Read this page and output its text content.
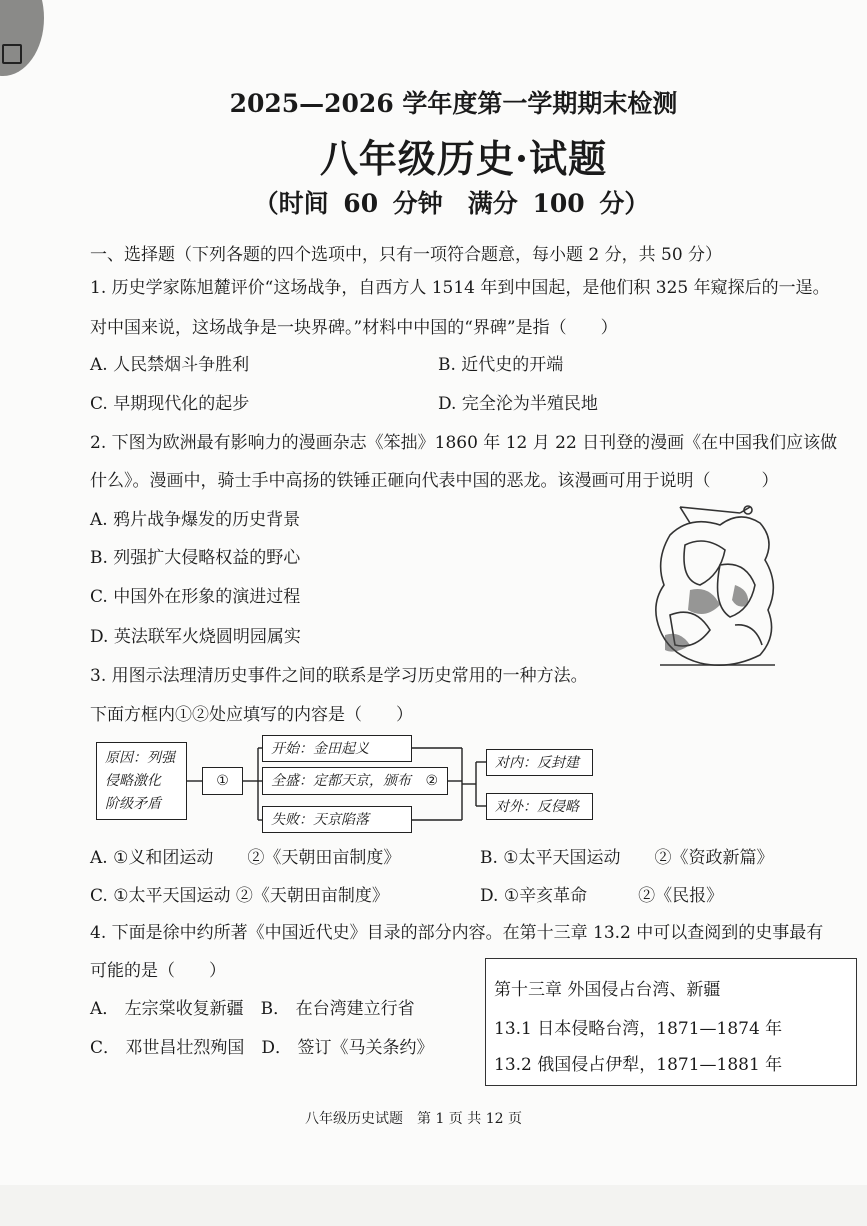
2025—2026 学年度第一学期期末检测
八年级历史·试题
（时间 60 分钟　满分 100 分）
一、选择题（下列各题的四个选项中，只有一项符合题意，每小题 2 分，共 50 分）
1. 历史学家陈旭麓评价“这场战争，自西方人 1514 年到中国起，是他们积 325 年窥探后的一逞。
对中国来说，这场战争是一块界碑。”材料中中国的“界碑”是指（　　）
A. 人民禁烟斗争胜利	B. 近代史的开端
C. 早期现代化的起步	D. 完全沦为半殖民地
2. 下图为欧洲最有影响力的漫画杂志《笨拙》1860 年 12 月 22 日刊登的漫画《在中国我们应该做
什么》。漫画中，骑士手中高扬的铁锤正砸向代表中国的恶龙。该漫画可用于说明（　　　）
A. 鸦片战争爆发的历史背景
B. 列强扩大侵略权益的野心
C. 中国外在形象的演进过程
D. 英法联军火烧圆明园属实
3. 用图示法理清历史事件之间的联系是学习历史常用的一种方法。
下面方框内①②处应填写的内容是（　　）
原因：列强
侵略激化
阶级矛盾
①
开始：金田起义
全盛：定都天京，颁布 ②
失败：天京陷落
对内：反封建
对外：反侵略
A. ①义和团运动　　②《天朝田亩制度》	B. ①太平天国运动　　②《资政新篇》
C. ①太平天国运动 ②《天朝田亩制度》	D. ①辛亥革命　　　②《民报》
4. 下面是徐中约所著《中国近代史》目录的部分内容。在第十三章 13.2 中可以查阅到的史事最有
可能的是（　　）
A． 左宗棠收复新疆　B． 在台湾建立行省
C． 邓世昌壮烈殉国　D． 签订《马关条约》
第十三章 外国侵占台湾、新疆
13.1 日本侵略台湾，1871—1874 年
13.2 俄国侵占伊犁，1871—1881 年
八年级历史试题　第 1 页 共 12 页
